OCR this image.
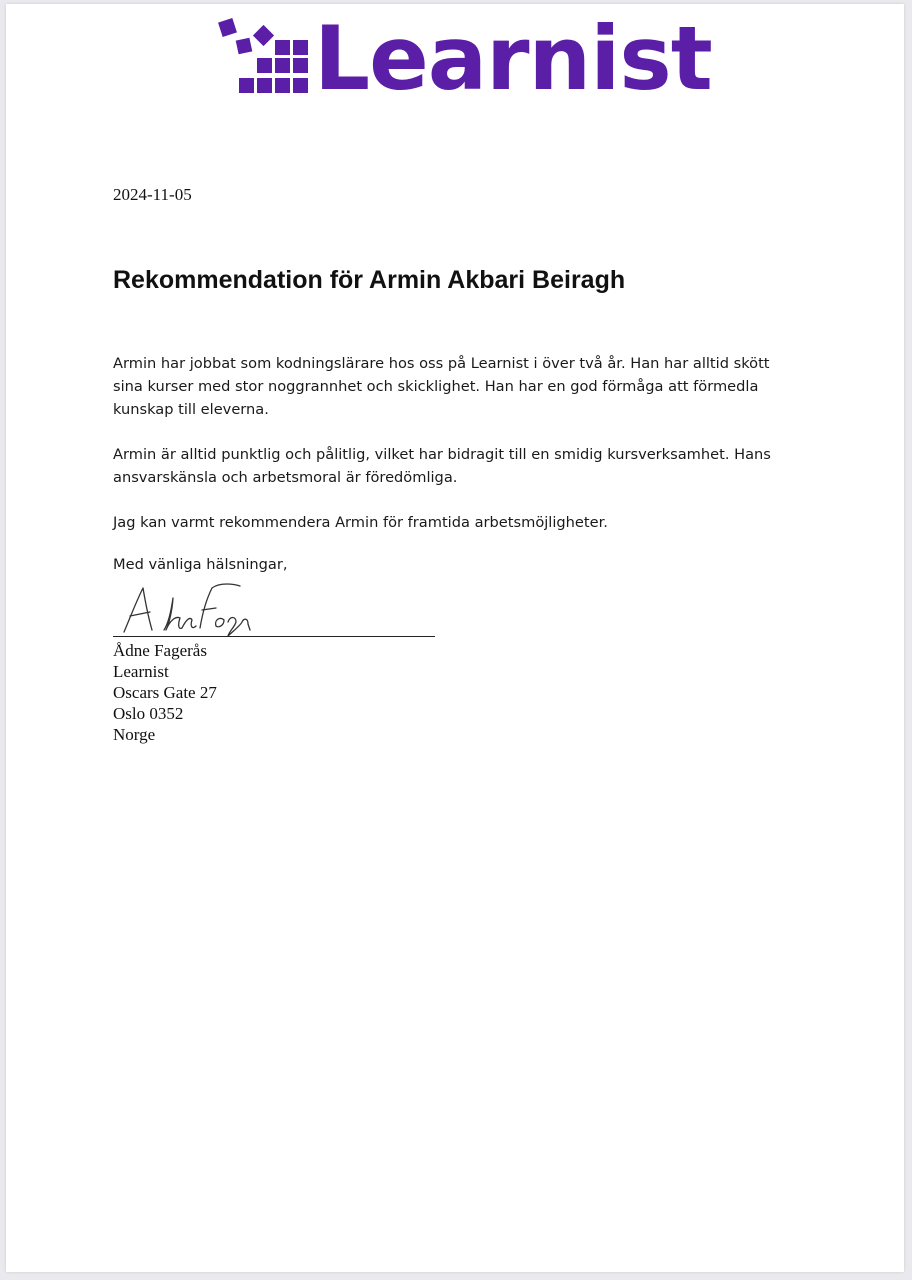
Learnist
2024-11-05
Rekommendation för Armin Akbari Beiragh

Armin har jobbat som kodningslärare hos oss på Learnist i över två år. Han har alltid skött sina kurser med stor noggrannhet och skicklighet. Han har en god förmåga att förmedla kunskap till eleverna.

Armin är alltid punktlig och pålitlig, vilket har bidragit till en smidig kursverksamhet. Hans ansvarskänsla och arbetsmoral är föredömliga.

Jag kan varmt rekommendera Armin för framtida arbetsmöjligheter.

Med vänliga hälsningar,
Ådne Fagerås
Learnist
Oscars Gate 27
Oslo 0352
Norge
